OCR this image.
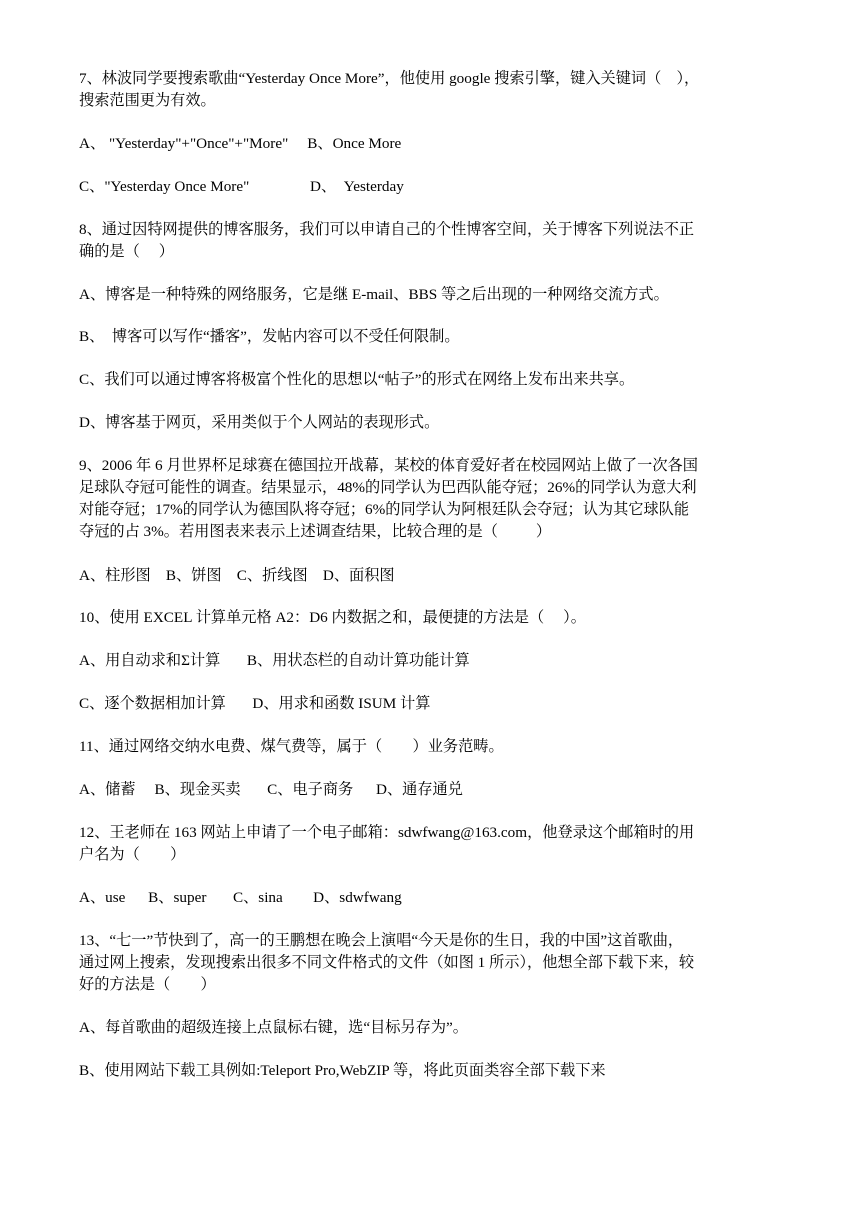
7、林波同学要搜索歌曲“Yesterday Once More”，他使用 google 搜索引擎，键入关键词（    ），
搜索范围更为有效。
A、 "Yesterday"+"Once"+"More"     B、Once More
C、"Yesterday Once More"                D、  Yesterday
8、通过因特网提供的博客服务，我们可以申请自己的个性博客空间，关于博客下列说法不正
确的是（     ）
A、博客是一种特殊的网络服务，它是继 E-mail、BBS 等之后出现的一种网络交流方式。
B、  博客可以写作“播客”，发帖内容可以不受任何限制。
C、我们可以通过博客将极富个性化的思想以“帖子”的形式在网络上发布出来共享。
D、博客基于网页，采用类似于个人网站的表现形式。
9、2006 年 6 月世界杯足球赛在德国拉开战幕，某校的体育爱好者在校园网站上做了一次各国
足球队夺冠可能性的调查。结果显示，48%的同学认为巴西队能夺冠；26%的同学认为意大利
对能夺冠；17%的同学认为德国队将夺冠；6%的同学认为阿根廷队会夺冠；认为其它球队能
夺冠的占 3%。若用图表来表示上述调查结果，比较合理的是（          ）
A、柱形图    B、饼图    C、折线图    D、面积图
10、使用 EXCEL 计算单元格 A2：D6 内数据之和，最便捷的方法是（     ）。
A、用自动求和Σ计算       B、用状态栏的自动计算功能计算
C、逐个数据相加计算       D、用求和函数 ISUM 计算
11、通过网络交纳水电费、煤气费等，属于（        ）业务范畴。
A、储蓄     B、现金买卖       C、电子商务      D、通存通兑
12、王老师在 163 网站上申请了一个电子邮箱：sdwfwang@163.com，他登录这个邮箱时的用
户名为（        ）
A、use      B、super       C、sina        D、sdwfwang
13、“七一”节快到了，高一的王鹏想在晚会上演唱“今天是你的生日，我的中国”这首歌曲，
通过网上搜索，发现搜索出很多不同文件格式的文件（如图 1 所示），他想全部下载下来，较
好的方法是（        ）
A、每首歌曲的超级连接上点鼠标右键，选“目标另存为”。
B、使用网站下载工具例如:Teleport Pro,WebZIP 等，将此页面类容全部下载下来
